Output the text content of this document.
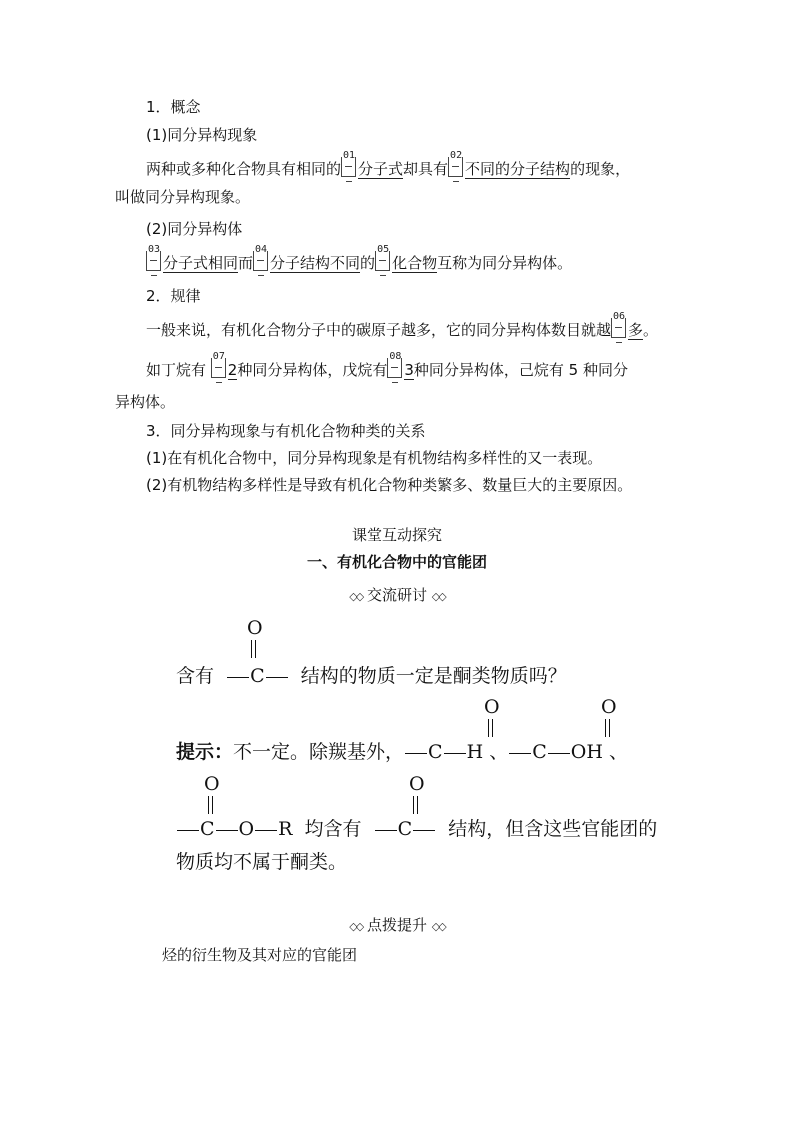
1．概念
(1)同分异构现象
两种或多种化合物具有相同的
01
分子式却具有
02
不同的分子结构的现象，
叫做同分异构现象。
(2)同分异构体
03
分子式相同而
04
分子结构不同的
05
化合物互称为同分异构体。
2．规律
一般来说，有机化合物分子中的碳原子越多，它的同分异构体数目就越
06
多。
如丁烷有
07
2种同分异构体，戊烷有
08
3种同分异构体，己烷有 5 种同分
异构体。
3．同分异构现象与有机化合物种类的关系
(1)在有机化合物中，同分异构现象是有机物结构多样性的又一表现。
(2)有机物结构多样性是导致有机化合物种类繁多、数量巨大的主要原因。
课堂互动探究
一、有机化合物中的官能团
◇◇ 交流研讨 ◇◇
O
含有 C 结构的物质一定是酮类物质吗？
O	O
提示：不一定。除羰基外， C H 、 C OH 、
O	O
C O R 均含有 C 结构，但含这些官能团的
物质均不属于酮类。
◇◇ 点拨提升 ◇◇
烃的衍生物及其对应的官能团
